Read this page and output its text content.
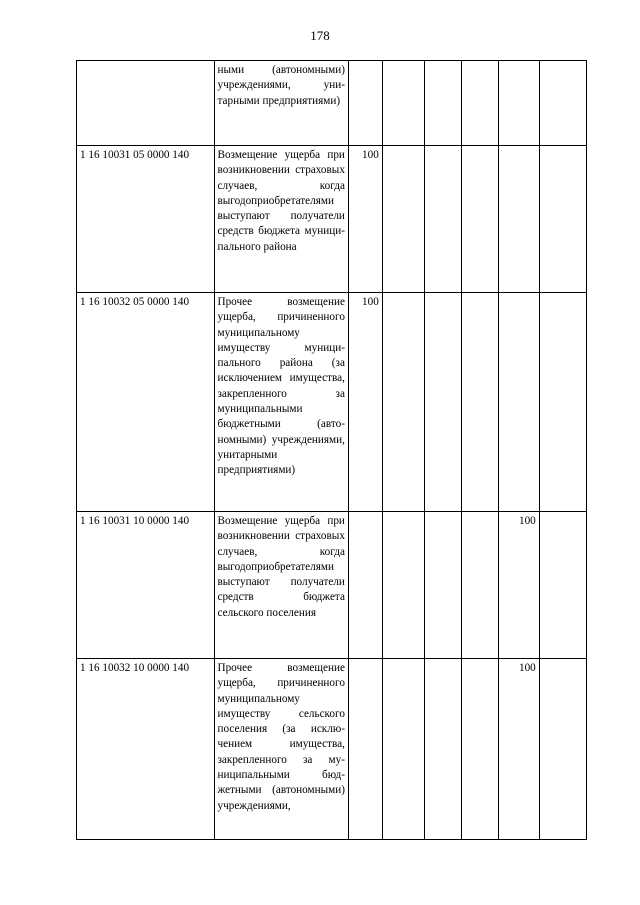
178
	ными (автономными) учреждениями, унитарными предприятиями)						
1 16 10031 05 0000 140	Возмещение ущерба при возникновении страховых случаев, когда выгодоприобретателями выступают получатели средств бюджета муниципального района	100					
1 16 10032 05 0000 140	Прочее возмещение ущерба, причиненного муниципальному имуществу муниципального района (за исключением имущества, закрепленного за муниципальными бюджетными (автономными) учреждениями, унитарными предприятиями)	100					
1 16 10031 10 0000 140	Возмещение ущерба при возникновении страховых случаев, когда выгодоприобретателями выступают получатели средств бюджета сельского поселения					100	
1 16 10032 10 0000 140	Прочее возмещение ущерба, причиненного муниципальному имуществу сельского поселения (за исключением имущества, закрепленного за муниципальными бюджетными (автономными) учреждениями,					100	
